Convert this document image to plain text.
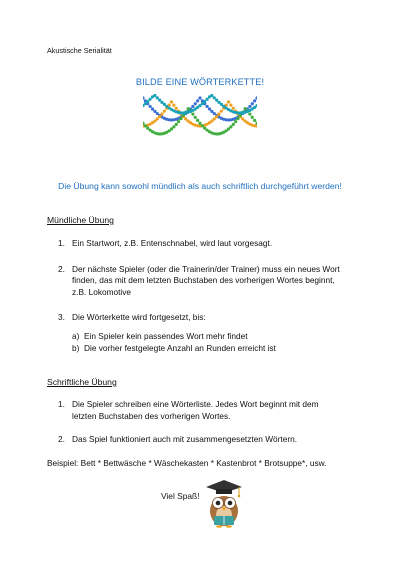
Akustische Serialität
BILDE EINE WÖRTERKETTE!
Die Übung kann sowohl mündlich als auch schriftlich durchgeführt werden!
Mündliche Übung
1. Ein Startwort, z.B. Entenschnabel, wird laut vorgesagt.
2. Der nächste Spieler (oder die Trainerin/der Trainer) muss ein neues Wort
finden, das mit dem letzten Buchstaben des vorherigen Wortes beginnt,
z.B. Lokomotive
3. Die Wörterkette wird fortgesetzt, bis:
a) Ein Spieler kein passendes Wort mehr findet
b) Die vorher festgelegte Anzahl an Runden erreicht ist
Schriftliche Übung
1. Die Spieler schreiben eine Wörterliste. Jedes Wort beginnt mit dem
letzten Buchstaben des vorherigen Wortes.
2. Das Spiel funktioniert auch mit zusammengesetzten Wörtern.
Beispiel: Bett * Bettwäsche * Wäschekasten * Kastenbrot * Brotsuppe*, usw.
Viel Spaß!
